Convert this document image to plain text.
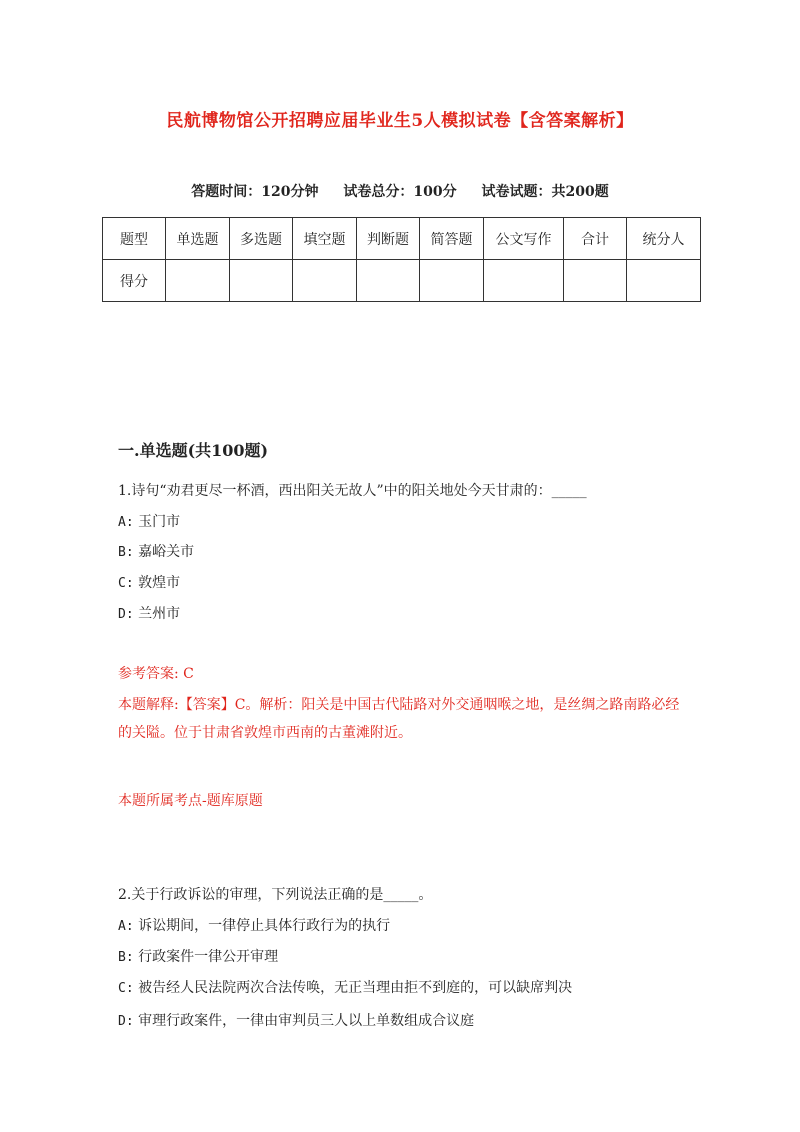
民航博物馆公开招聘应届毕业生5人模拟试卷【含答案解析】
答题时间：120分钟 试卷总分：100分 试卷试题：共200题
题型	单选题	多选题	填空题	判断题	简答题	公文写作	合计	统分人
得分								
一.单选题(共100题)
1.诗句“劝君更尽一杯酒，西出阳关无故人”中的阳关地处今天甘肃的：_____
A: 玉门市
B: 嘉峪关市
C: 敦煌市
D: 兰州市
参考答案: C
本题解释:【答案】C。解析：阳关是中国古代陆路对外交通咽喉之地，是丝绸之路南路必经的关隘。位于甘肃省敦煌市西南的古董滩附近。
本题所属考点-题库原题
2.关于行政诉讼的审理，下列说法正确的是_____。
A: 诉讼期间，一律停止具体行政行为的执行
B: 行政案件一律公开审理
C: 被告经人民法院两次合法传唤，无正当理由拒不到庭的，可以缺席判决
D: 审理行政案件，一律由审判员三人以上单数组成合议庭
